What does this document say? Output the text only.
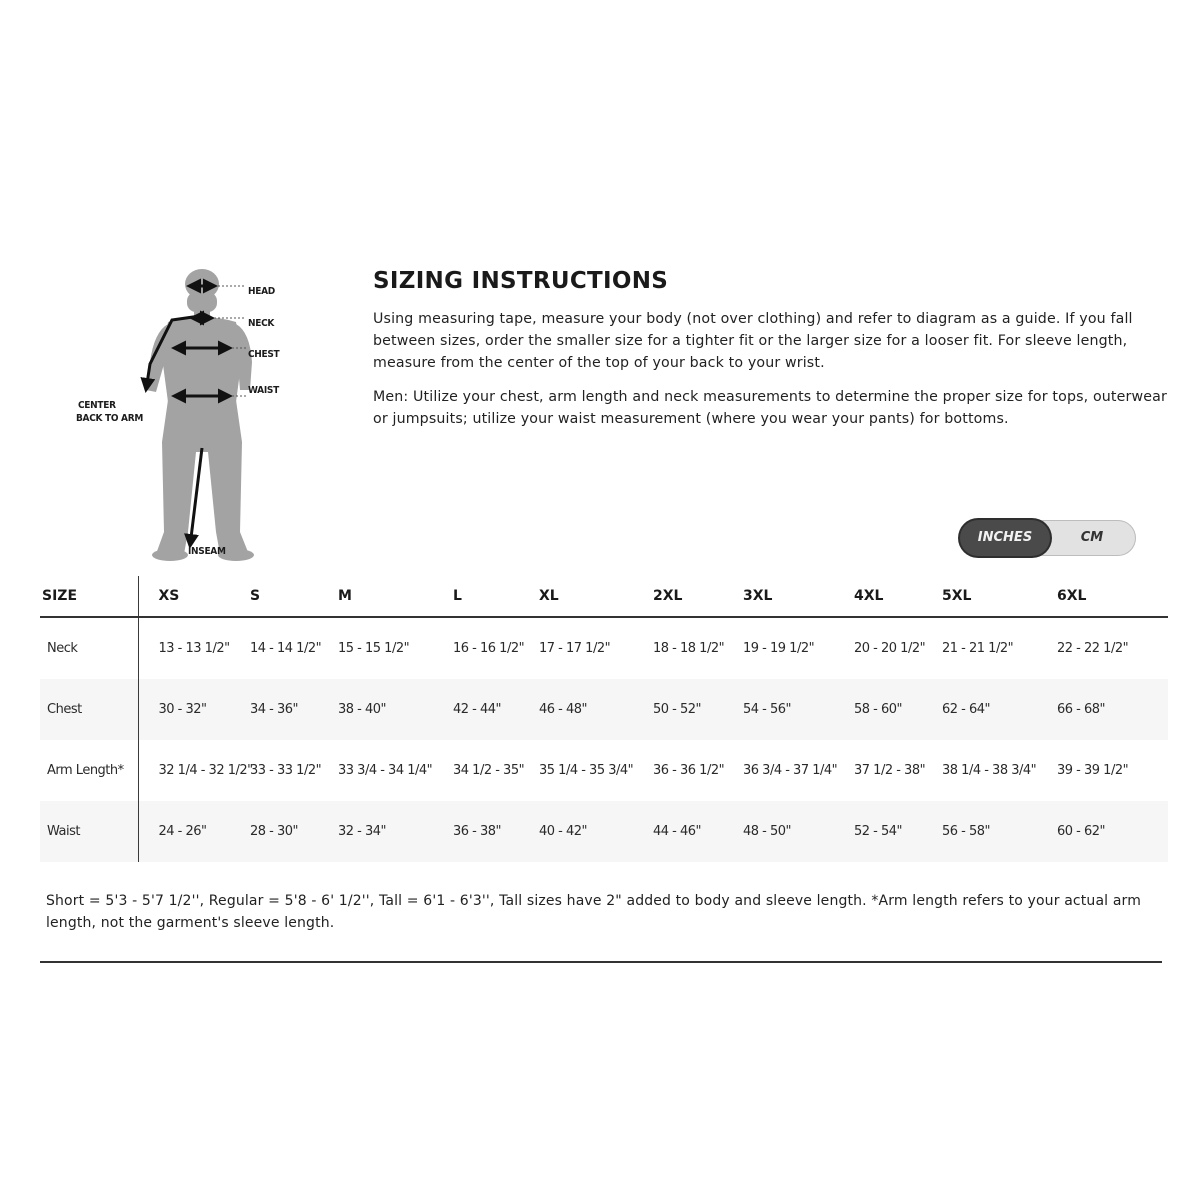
HEAD
NECK
CHEST
WAIST
CENTER
BACK TO ARM
INSEAM
SIZING INSTRUCTIONS

Using measuring tape, measure your body (not over clothing) and refer to diagram as a guide. If you fall between sizes, order the smaller size for a tighter fit or the larger size for a looser fit. For sleeve length, measure from the center of the top of your back to your wrist.

Men: Utilize your chest, arm length and neck measurements to determine the proper size for tops, outerwear or jumpsuits; utilize your waist measurement (where you wear your pants) for bottoms.

INCHES	CM
SIZE	XS	S	M	L	XL	2XL	3XL	4XL	5XL	6XL
Neck	13 - 13 1/2"	14 - 14 1/2"	15 - 15 1/2"	16 - 16 1/2"	17 - 17 1/2"	18 - 18 1/2"	19 - 19 1/2"	20 - 20 1/2"	21 - 21 1/2"	22 - 22 1/2"
Chest	30 - 32"	34 - 36"	38 - 40"	42 - 44"	46 - 48"	50 - 52"	54 - 56"	58 - 60"	62 - 64"	66 - 68"
Arm Length*	32 1/4 - 32 1/2"	33 - 33 1/2"	33 3/4 - 34 1/4"	34 1/2 - 35"	35 1/4 - 35 3/4"	36 - 36 1/2"	36 3/4 - 37 1/4"	37 1/2 - 38"	38 1/4 - 38 3/4"	39 - 39 1/2"
Waist	24 - 26"	28 - 30"	32 - 34"	36 - 38"	40 - 42"	44 - 46"	48 - 50"	52 - 54"	56 - 58"	60 - 62"
Short = 5'3 - 5'7 1/2'', Regular = 5'8 - 6' 1/2'', Tall = 6'1 - 6'3'', Tall sizes have 2" added to body and sleeve length. *Arm length refers to your actual arm length, not the garment's sleeve length.
